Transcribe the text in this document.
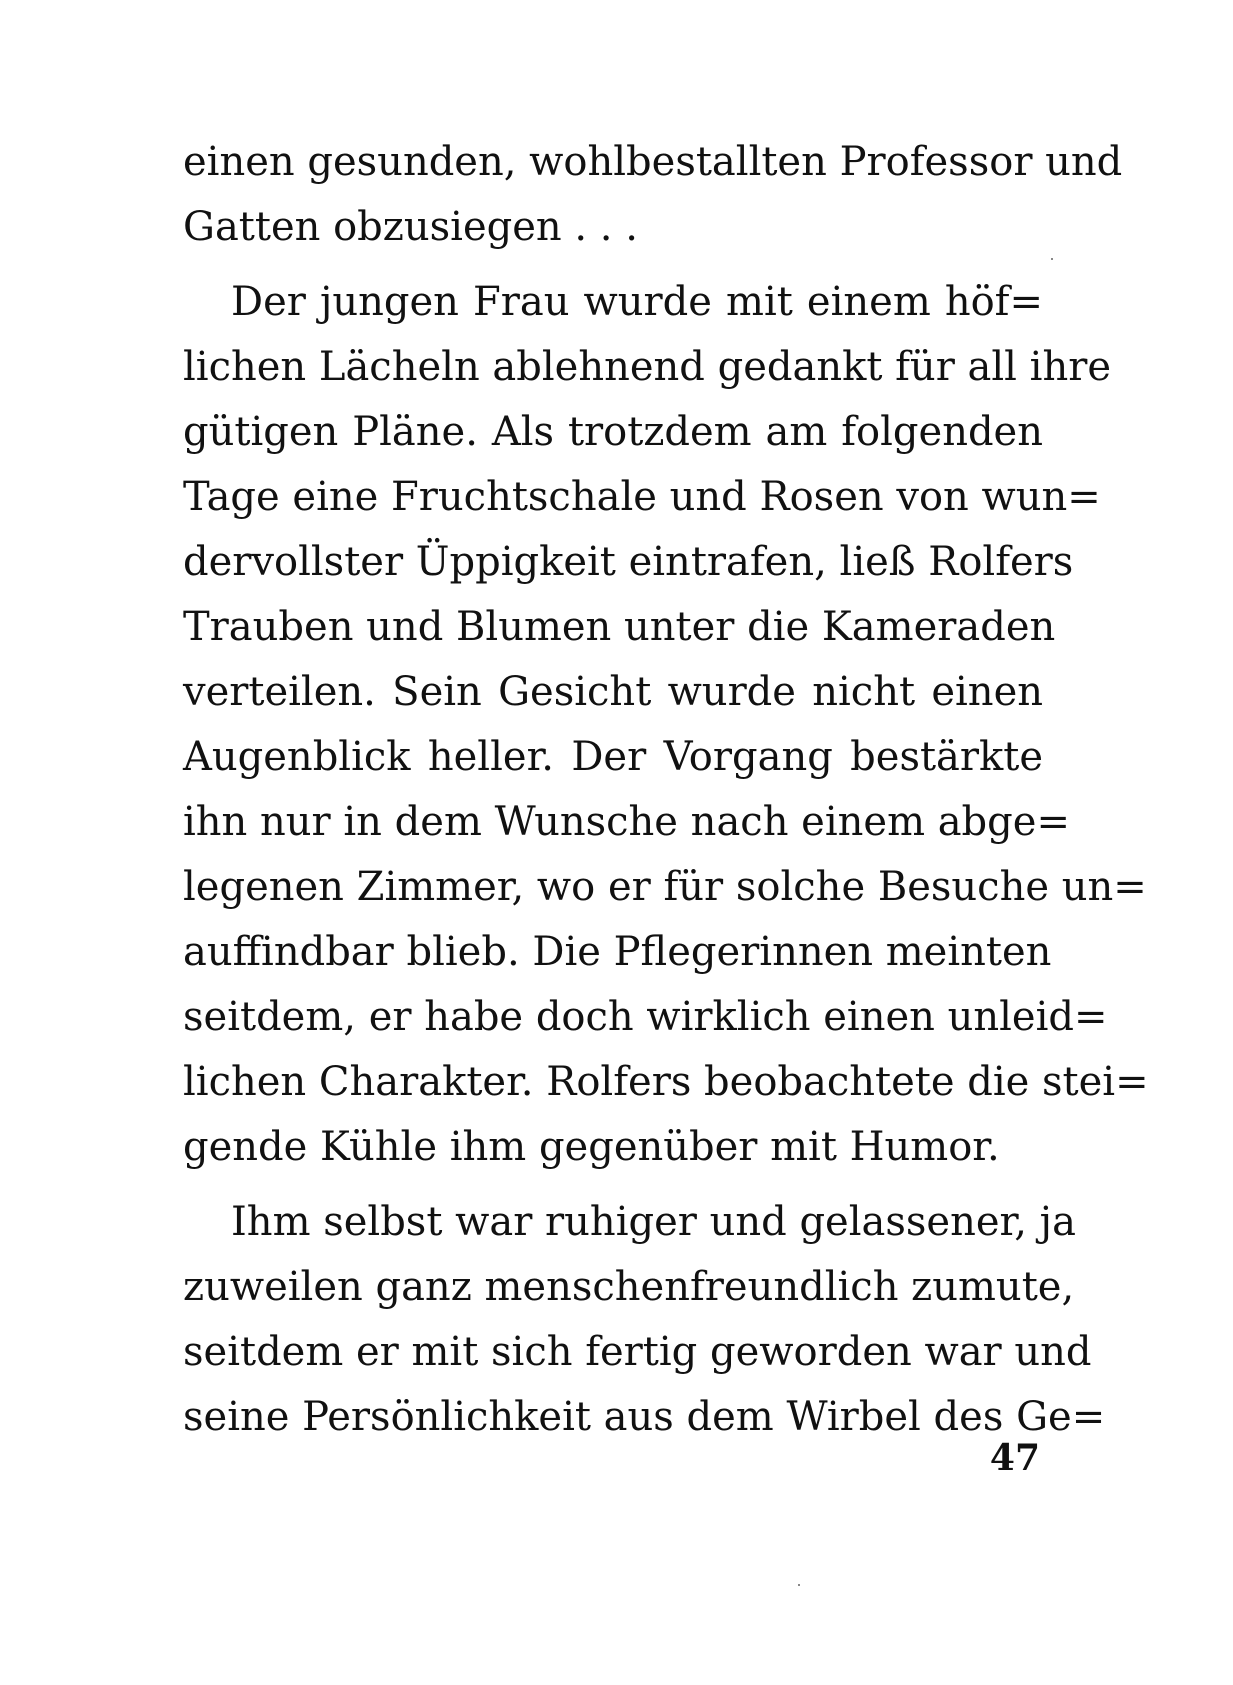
einen gesunden, wohlbestallten Professor und
Gatten obzusiegen . . .
Der jungen Frau wurde mit einem höf=
lichen Lächeln ablehnend gedankt für all ihre
gütigen Pläne. Als trotzdem am folgenden
Tage eine Fruchtschale und Rosen von wun=
dervollster Üppigkeit eintrafen, ließ Rolfers
Trauben und Blumen unter die Kameraden
verteilen. Sein Gesicht wurde nicht einen
Augenblick heller. Der Vorgang bestärkte
ihn nur in dem Wunsche nach einem abge=
legenen Zimmer, wo er für solche Besuche un=
auffindbar blieb. Die Pflegerinnen meinten
seitdem, er habe doch wirklich einen unleid=
lichen Charakter. Rolfers beobachtete die stei=
gende Kühle ihm gegenüber mit Humor.
Ihm selbst war ruhiger und gelassener, ja
zuweilen ganz menschenfreundlich zumute,
seitdem er mit sich fertig geworden war und
seine Persönlichkeit aus dem Wirbel des Ge=
47
